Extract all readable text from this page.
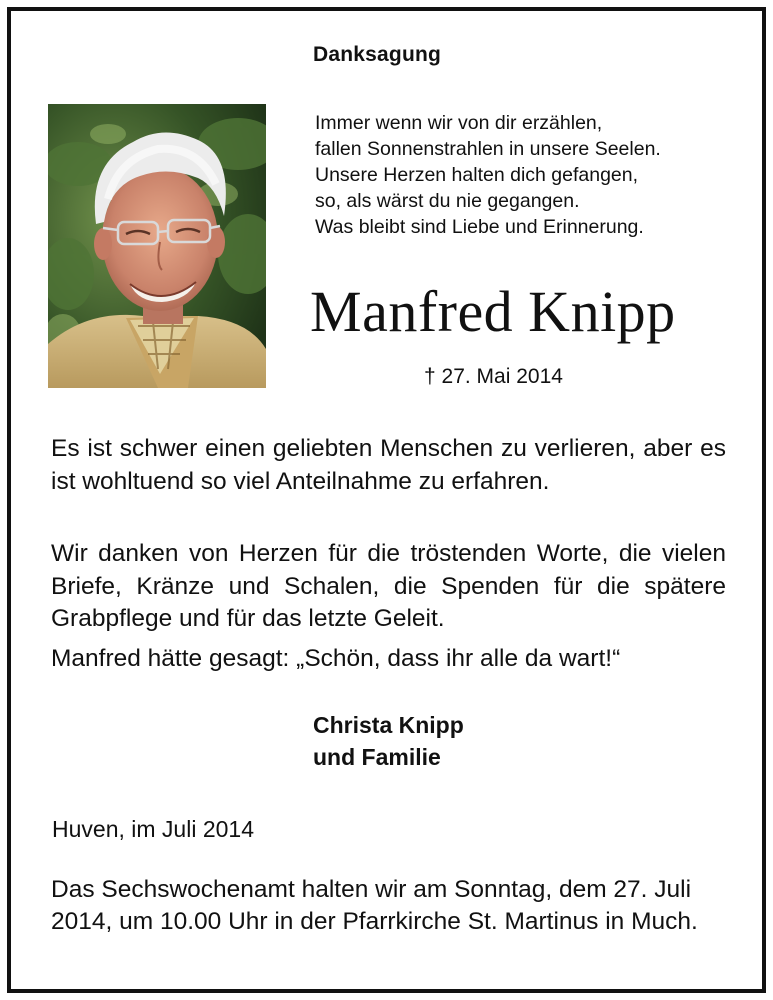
Danksagung
Immer wenn wir von dir erzählen,
fallen Sonnenstrahlen in unsere Seelen.
Unsere Herzen halten dich gefangen,
so, als wärst du nie gegangen.
Was bleibt sind Liebe und Erinnerung.
Manfred Knipp
† 27. Mai 2014

Es ist schwer einen geliebten Menschen zu verlieren, aber es ist wohltuend so viel Anteilnahme zu erfahren.

Wir danken von Herzen für die tröstenden Worte, die vielen Briefe, Kränze und Schalen, die Spenden für die spätere Grabpflege und für das letzte Geleit.

Manfred hätte gesagt: „Schön, dass ihr alle da wart!“

Christa Knipp
und Familie
Huven, im Juli 2014

Das Sechswochenamt halten wir am Sonntag, dem 27. Juli 2014, um 10.00 Uhr in der Pfarrkirche St. Martinus in Much.
